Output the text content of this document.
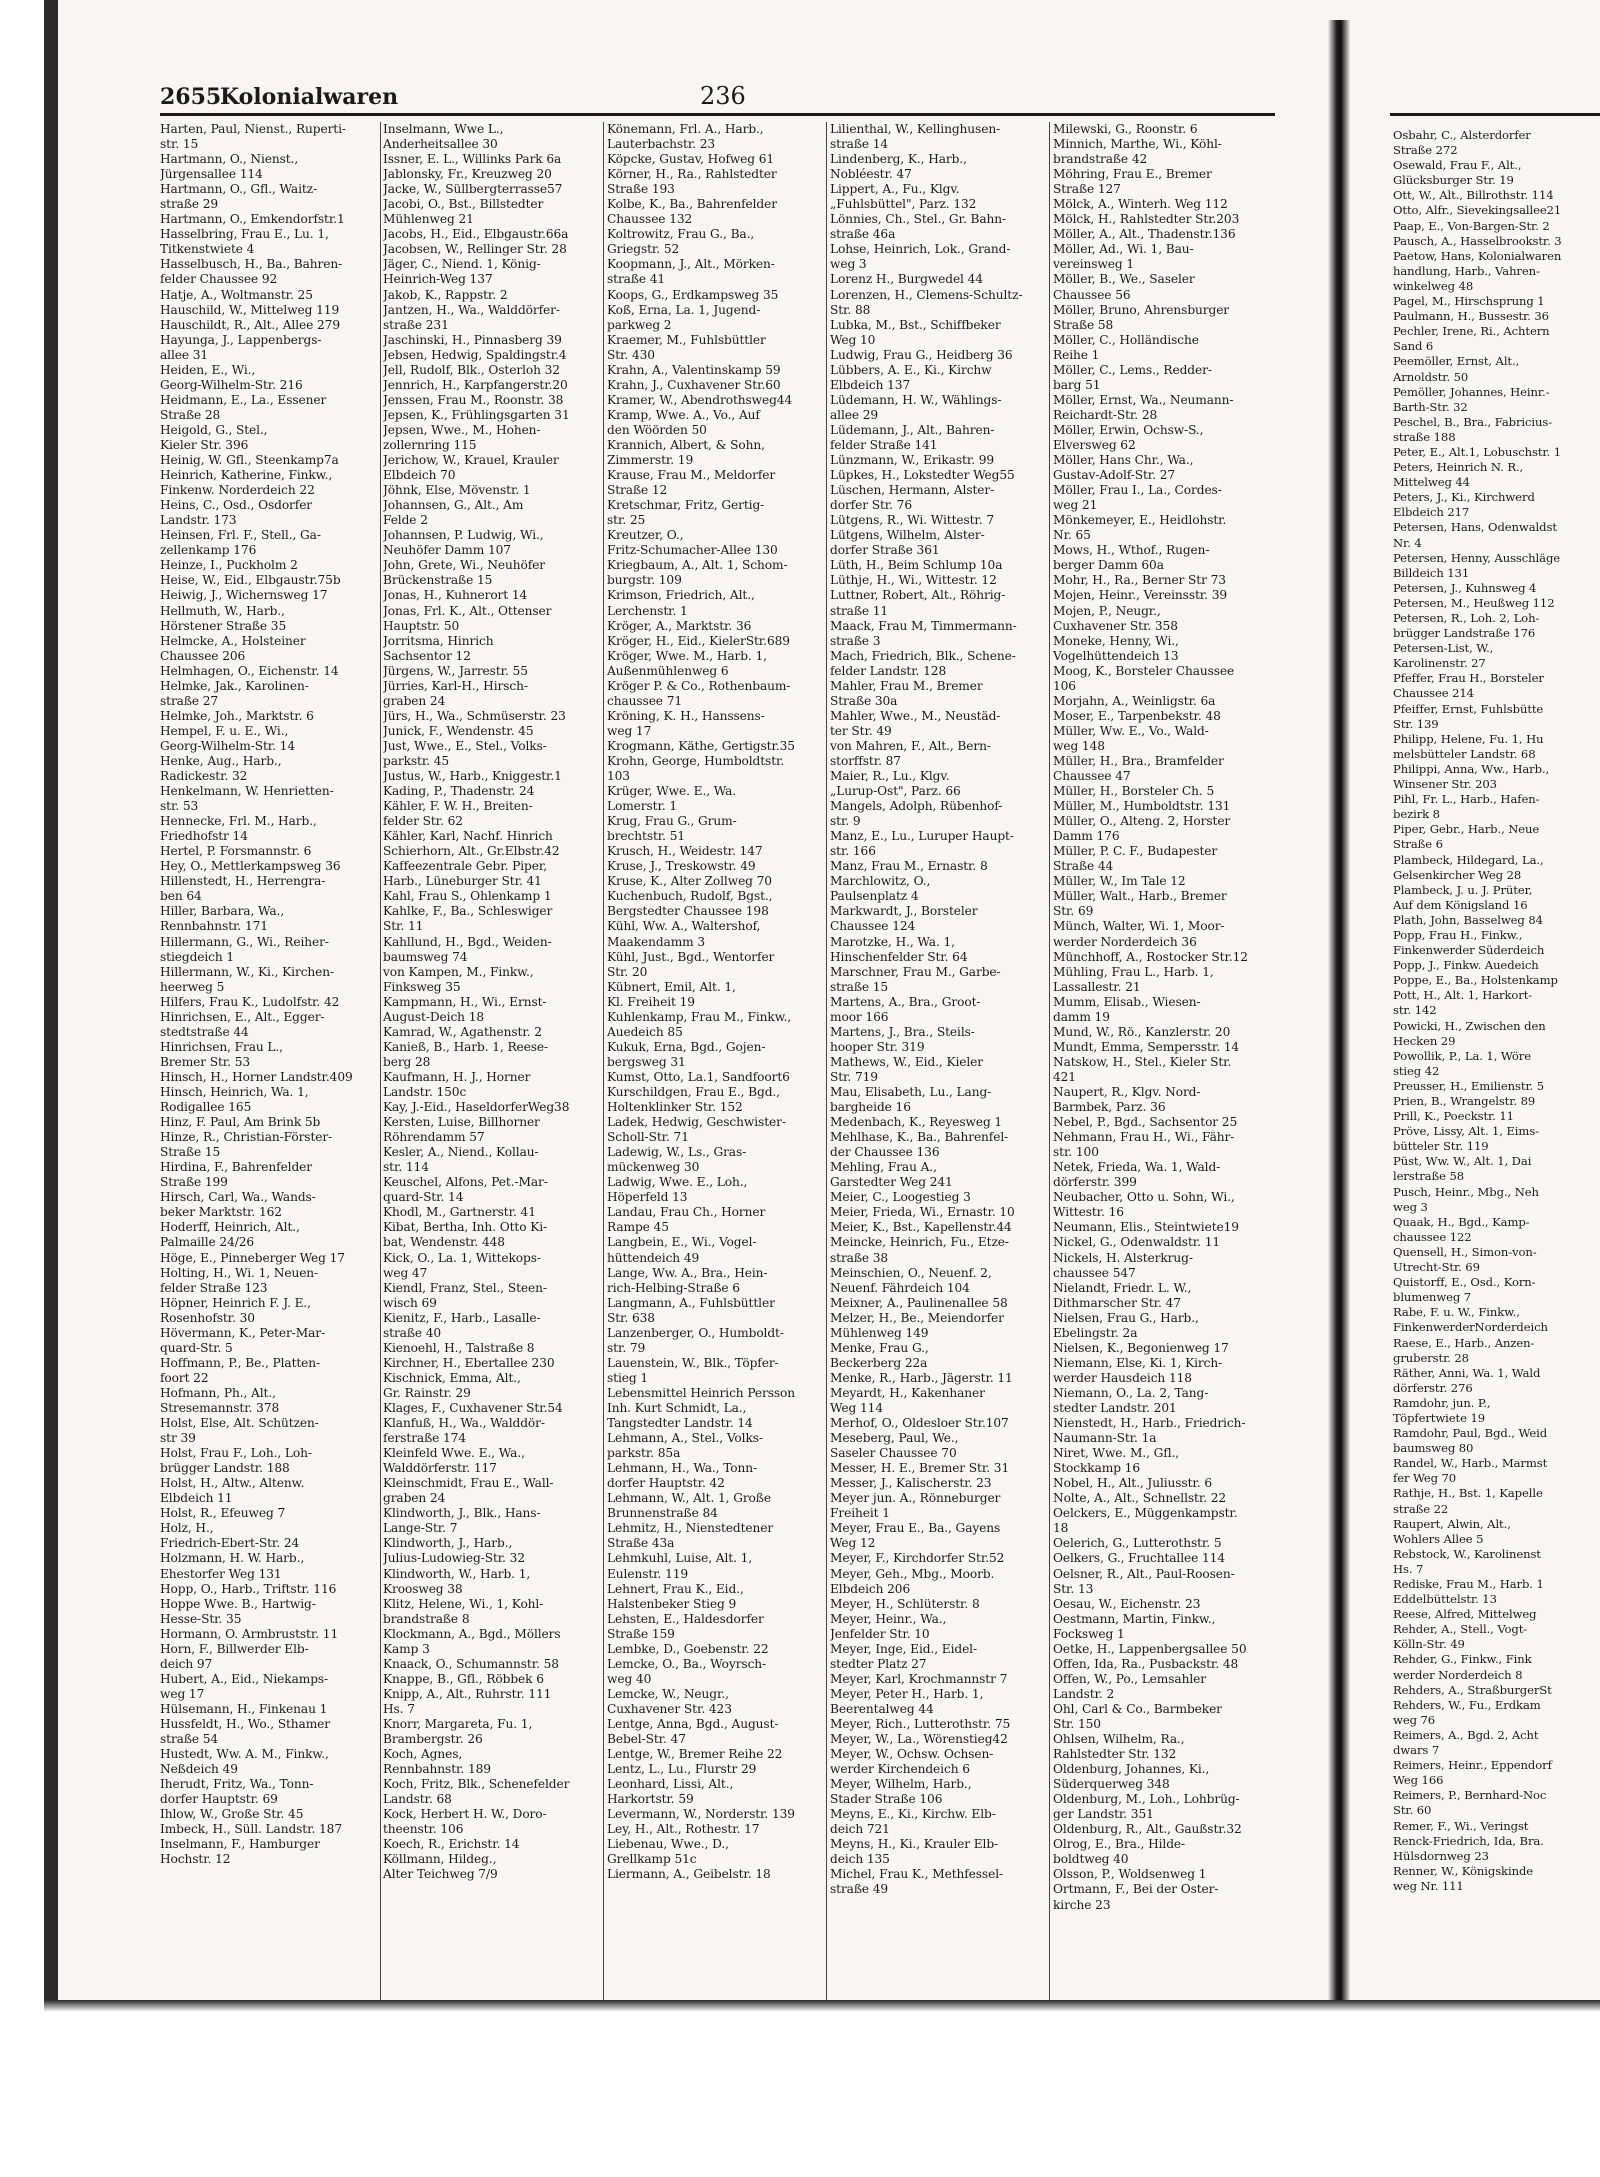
2655
Kolonialwaren	236
Harten, Paul, Nienst., Ruperti-
str. 15
Hartmann, O., Nienst.,
Jürgensallee 114
Hartmann, O., Gfl., Waitz-
straße 29
Hartmann, O., Emkendorfstr.1
Hasselbring, Frau E., Lu. 1,
Titkenstwiete 4
Hasselbusch, H., Ba., Bahren-
felder Chaussee 92
Hatje, A., Woltmanstr. 25
Hauschild, W., Mittelweg 119
Hauschildt, R., Alt., Allee 279
Hayunga, J., Lappenbergs-
allee 31
Heiden, E., Wi.,
Georg-Wilhelm-Str. 216
Heidmann, E., La., Essener
Straße 28
Heigold, G., Stel.,
Kieler Str. 396
Heinig, W. Gfl., Steenkamp7a
Heinrich, Katherine, Finkw.,
Finkenw. Norderdeich 22
Heins, C., Osd., Osdorfer
Landstr. 173
Heinsen, Frl. F., Stell., Ga-
zellenkamp 176
Heinze, I., Puckholm 2
Heise, W., Eid., Elbgaustr.75b
Heiwig, J., Wichernsweg 17
Hellmuth, W., Harb.,
Hörstener Straße 35
Helmcke, A., Holsteiner
Chaussee 206
Helmhagen, O., Eichenstr. 14
Helmke, Jak., Karolinen-
straße 27
Helmke, Joh., Marktstr. 6
Hempel, F. u. E., Wi.,
Georg-Wilhelm-Str. 14
Henke, Aug., Harb.,
Radickestr. 32
Henkelmann, W. Henrietten-
str. 53
Hennecke, Frl. M., Harb.,
Friedhofstr 14
Hertel, P. Forsmannstr. 6
Hey, O., Mettlerkampsweg 36
Hillenstedt, H., Herrengra-
ben 64
Hiller, Barbara, Wa.,
Rennbahnstr. 171
Hillermann, G., Wi., Reiher-
stiegdeich 1
Hillermann, W., Ki., Kirchen-
heerweg 5
Hilfers, Frau K., Ludolfstr. 42
Hinrichsen, E., Alt., Egger-
stedtstraße 44
Hinrichsen, Frau L.,
Bremer Str. 53
Hinsch, H., Horner Landstr.409
Hinsch, Heinrich, Wa. 1,
Rodigallee 165
Hinz, F. Paul, Am Brink 5b
Hinze, R., Christian-Förster-
Straße 15
Hirdina, F., Bahrenfelder
Straße 199
Hirsch, Carl, Wa., Wands-
beker Marktstr. 162
Hoderff, Heinrich, Alt.,
Palmaille 24/26
Höge, E., Pinneberger Weg 17
Holting, H., Wi. 1, Neuen-
felder Straße 123
Höpner, Heinrich F. J. E.,
Rosenhofstr. 30
Hövermann, K., Peter-Mar-
quard-Str. 5
Hoffmann, P., Be., Platten-
foort 22
Hofmann, Ph., Alt.,
Stresemannstr. 378
Holst, Else, Alt. Schützen-
str 39
Holst, Frau F., Loh., Loh-
brügger Landstr. 188
Holst, H., Altw., Altenw.
Elbdeich 11
Holst, R., Efeuweg 7
Holz, H.,
Friedrich-Ebert-Str. 24
Holzmann, H. W. Harb.,
Ehestorfer Weg 131
Hopp, O., Harb., Triftstr. 116
Hoppe Wwe. B., Hartwig-
Hesse-Str. 35
Hormann, O. Armbruststr. 11
Horn, F., Billwerder Elb-
deich 97
Hubert, A., Eid., Niekamps-
weg 17
Hülsemann, H., Finkenau 1
Hussfeldt, H., Wo., Sthamer
straße 54
Hustedt, Ww. A. M., Finkw.,
Neßdeich 49
Iherudt, Fritz, Wa., Tonn-
dorfer Hauptstr. 69
Ihlow, W., Große Str. 45
Imbeck, H., Süll. Landstr. 187
Inselmann, F., Hamburger
Hochstr. 12
Inselmann, Wwe L.,
Anderheitsallee 30
Issner, E. L., Willinks Park 6a
Jablonsky, Fr., Kreuzweg 20
Jacke, W., Süllbergterrasse57
Jacobi, O., Bst., Billstedter
Mühlenweg 21
Jacobs, H., Eid., Elbgaustr.66a
Jacobsen, W., Rellinger Str. 28
Jäger, C., Niend. 1, König-
Heinrich-Weg 137
Jakob, K., Rappstr. 2
Jantzen, H., Wa., Walddörfer-
straße 231
Jaschinski, H., Pinnasberg 39
Jebsen, Hedwig, Spaldingstr.4
Jell, Rudolf, Blk., Osterloh 32
Jennrich, H., Karpfangerstr.20
Jenssen, Frau M., Roonstr. 38
Jepsen, K., Frühlingsgarten 31
Jepsen, Wwe., M., Hohen-
zollernring 115
Jerichow, W., Krauel, Krauler
Elbdeich 70
Jöhnk, Else, Mövenstr. 1
Johannsen, G., Alt., Am
Felde 2
Johannsen, P. Ludwig, Wi.,
Neuhöfer Damm 107
John, Grete, Wi., Neuhöfer
Brückenstraße 15
Jonas, H., Kuhnerort 14
Jonas, Frl. K., Alt., Ottenser
Hauptstr. 50
Jorritsma, Hinrich
Sachsentor 12
Jürgens, W., Jarrestr. 55
Jürries, Karl-H., Hirsch-
graben 24
Jürs, H., Wa., Schmüserstr. 23
Junick, F., Wendenstr. 45
Just, Wwe., E., Stel., Volks-
parkstr. 45
Justus, W., Harb., Kniggestr.1
Kading, P., Thadenstr. 24
Kähler, F. W. H., Breiten-
felder Str. 62
Kähler, Karl, Nachf. Hinrich
Schierhorn, Alt., Gr.Elbstr.42
Kaffeezentrale Gebr. Piper,
Harb., Lüneburger Str. 41
Kahl, Frau S., Ohlenkamp 1
Kahlke, F., Ba., Schleswiger
Str. 11
Kahllund, H., Bgd., Weiden-
baumsweg 74
von Kampen, M., Finkw.,
Finksweg 35
Kampmann, H., Wi., Ernst-
August-Deich 18
Kamrad, W., Agathenstr. 2
Kanieß, B., Harb. 1, Reese-
berg 28
Kaufmann, H. J., Horner
Landstr. 150c
Kay, J.-Eid., HaseldorferWeg38
Kersten, Luise, Billhorner
Röhrendamm 57
Kesler, A., Niend., Kollau-
str. 114
Keuschel, Alfons, Pet.-Mar-
quard-Str. 14
Khodl, M., Gartnerstr. 41
Kibat, Bertha, Inh. Otto Ki-
bat, Wendenstr. 448
Kick, O., La. 1, Wittekops-
weg 47
Kiendl, Franz, Stel., Steen-
wisch 69
Kienitz, F., Harb., Lasalle-
straße 40
Kienoehl, H., Talstraße 8
Kirchner, H., Ebertallee 230
Kischnick, Emma, Alt.,
Gr. Rainstr. 29
Klages, F., Cuxhavener Str.54
Klanfuß, H., Wa., Walddör-
ferstraße 174
Kleinfeld Wwe. E., Wa.,
Walddörferstr. 117
Kleinschmidt, Frau E., Wall-
graben 24
Klindworth, J., Blk., Hans-
Lange-Str. 7
Klindworth, J., Harb.,
Julius-Ludowieg-Str. 32
Klindworth, W., Harb. 1,
Kroosweg 38
Klitz, Helene, Wi., 1, Kohl-
brandstraße 8
Klockmann, A., Bgd., Möllers
Kamp 3
Knaack, O., Schumannstr. 58
Knappe, B., Gfl., Röbbek 6
Knipp, A., Alt., Ruhrstr. 111
Hs. 7
Knorr, Margareta, Fu. 1,
Brambergstr. 26
Koch, Agnes,
Rennbahnstr. 189
Koch, Fritz, Blk., Schenefelder
Landstr. 68
Kock, Herbert H. W., Doro-
theenstr. 106
Koech, R., Erichstr. 14
Köllmann, Hildeg.,
Alter Teichweg 7/9
Könemann, Frl. A., Harb.,
Lauterbachstr. 23
Köpcke, Gustav, Hofweg 61
Körner, H., Ra., Rahlstedter
Straße 193
Kolbe, K., Ba., Bahrenfelder
Chaussee 132
Koltrowitz, Frau G., Ba.,
Griegstr. 52
Koopmann, J., Alt., Mörken-
straße 41
Koops, G., Erdkampsweg 35
Koß, Erna, La. 1, Jugend-
parkweg 2
Kraemer, M., Fuhlsbüttler
Str. 430
Krahn, A., Valentinskamp 59
Krahn, J., Cuxhavener Str.60
Kramer, W., Abendrothsweg44
Kramp, Wwe. A., Vo., Auf
den Wöörden 50
Krannich, Albert, & Sohn,
Zimmerstr. 19
Krause, Frau M., Meldorfer
Straße 12
Kretschmar, Fritz, Gertig-
str. 25
Kreutzer, O.,
Fritz-Schumacher-Allee 130
Kriegbaum, A., Alt. 1, Schom-
burgstr. 109
Krimson, Friedrich, Alt.,
Lerchenstr. 1
Kröger, A., Marktstr. 36
Kröger, H., Eid., KielerStr.689
Kröger, Wwe. M., Harb. 1,
Außenmühlenweg 6
Kröger P. & Co., Rothenbaum-
chaussee 71
Kröning, K. H., Hanssens-
weg 17
Krogmann, Käthe, Gertigstr.35
Krohn, George, Humboldtstr.
103
Krüger, Wwe. E., Wa.
Lomerstr. 1
Krug, Frau G., Grum-
brechtstr. 51
Krusch, H., Weidestr. 147
Kruse, J., Treskowstr. 49
Kruse, K., Alter Zollweg 70
Kuchenbuch, Rudolf, Bgst.,
Bergstedter Chaussee 198
Kühl, Ww. A., Waltershof,
Maakendamm 3
Kühl, Just., Bgd., Wentorfer
Str. 20
Kübnert, Emil, Alt. 1,
Kl. Freiheit 19
Kuhlenkamp, Frau M., Finkw.,
Auedeich 85
Kukuk, Erna, Bgd., Gojen-
bergsweg 31
Kumst, Otto, La.1, Sandfoort6
Kurschildgen, Frau E., Bgd.,
Holtenklinker Str. 152
Ladek, Hedwig, Geschwister-
Scholl-Str. 71
Ladewig, W., Ls., Gras-
mückenweg 30
Ladwig, Wwe. E., Loh.,
Höperfeld 13
Landau, Frau Ch., Horner
Rampe 45
Langbein, E., Wi., Vogel-
hüttendeich 49
Lange, Ww. A., Bra., Hein-
rich-Helbing-Straße 6
Langmann, A., Fuhlsbüttler
Str. 638
Lanzenberger, O., Humboldt-
str. 79
Lauenstein, W., Blk., Töpfer-
stieg 1
Lebensmittel Heinrich Persson
Inh. Kurt Schmidt, La.,
Tangstedter Landstr. 14
Lehmann, A., Stel., Volks-
parkstr. 85a
Lehmann, H., Wa., Tonn-
dorfer Hauptstr. 42
Lehmann, W., Alt. 1, Große
Brunnenstraße 84
Lehmitz, H., Nienstedtener
Straße 43a
Lehmkuhl, Luise, Alt. 1,
Eulenstr. 119
Lehnert, Frau K., Eid.,
Halstenbeker Stieg 9
Lehsten, E., Haldesdorfer
Straße 159
Lembke, D., Goebenstr. 22
Lemcke, O., Ba., Woyrsch-
weg 40
Lemcke, W., Neugr.,
Cuxhavener Str. 423
Lentge, Anna, Bgd., August-
Bebel-Str. 47
Lentge, W., Bremer Reihe 22
Lentz, L., Lu., Flurstr 29
Leonhard, Lissi, Alt.,
Harkortstr. 59
Levermann, W., Norderstr. 139
Ley, H., Alt., Rothestr. 17
Liebenau, Wwe., D.,
Grellkamp 51c
Liermann, A., Geibelstr. 18
Lilienthal, W., Kellinghusen-
straße 14
Lindenberg, K., Harb.,
Nobléestr. 47
Lippert, A., Fu., Klgv.
„Fuhlsbüttel", Parz. 132
Lönnies, Ch., Stel., Gr. Bahn-
straße 46a
Lohse, Heinrich, Lok., Grand-
weg 3
Lorenz H., Burgwedel 44
Lorenzen, H., Clemens-Schultz-
Str. 88
Lubka, M., Bst., Schiffbeker
Weg 10
Ludwig, Frau G., Heidberg 36
Lübbers, A. E., Ki., Kirchw
Elbdeich 137
Lüdemann, H. W., Wählings-
allee 29
Lüdemann, J., Alt., Bahren-
felder Straße 141
Lünzmann, W., Erikastr. 99
Lüpkes, H., Lokstedter Weg55
Lüschen, Hermann, Alster-
dorfer Str. 76
Lütgens, R., Wi. Wittestr. 7
Lütgens, Wilhelm, Alster-
dorfer Straße 361
Lüth, H., Beim Schlump 10a
Lüthje, H., Wi., Wittestr. 12
Luttner, Robert, Alt., Röhrig-
straße 11
Maack, Frau M, Timmermann-
straße 3
Mach, Friedrich, Blk., Schene-
felder Landstr. 128
Mahler, Frau M., Bremer
Straße 30a
Mahler, Wwe., M., Neustäd-
ter Str. 49
von Mahren, F., Alt., Bern-
storffstr. 87
Maier, R., Lu., Klgv.
„Lurup-Ost", Parz. 66
Mangels, Adolph, Rübenhof-
str. 9
Manz, E., Lu., Luruper Haupt-
str. 166
Manz, Frau M., Ernastr. 8
Marchlowitz, O.,
Paulsenplatz 4
Markwardt, J., Borsteler
Chaussee 124
Marotzke, H., Wa. 1,
Hinschenfelder Str. 64
Marschner, Frau M., Garbe-
straße 15
Martens, A., Bra., Groot-
moor 166
Martens, J., Bra., Steils-
hooper Str. 319
Mathews, W., Eid., Kieler
Str. 719
Mau, Elisabeth, Lu., Lang-
bargheide 16
Medenbach, K., Reyesweg 1
Mehlhase, K., Ba., Bahrenfel-
der Chaussee 136
Mehling, Frau A.,
Garstedter Weg 241
Meier, C., Loogestieg 3
Meier, Frieda, Wi., Ernastr. 10
Meier, K., Bst., Kapellenstr.44
Meincke, Heinrich, Fu., Etze-
straße 38
Meinschien, O., Neuenf. 2,
Neuenf. Fährdeich 104
Meixner, A., Paulinenallee 58
Melzer, H., Be., Meiendorfer
Mühlenweg 149
Menke, Frau G.,
Beckerberg 22a
Menke, R., Harb., Jägerstr. 11
Meyardt, H., Kakenhaner
Weg 114
Merhof, O., Oldesloer Str.107
Meseberg, Paul, We.,
Saseler Chaussee 70
Messer, H. E., Bremer Str. 31
Messer, J., Kalischerstr. 23
Meyer jun. A., Rönneburger
Freiheit 1
Meyer, Frau E., Ba., Gayens
Weg 12
Meyer, F., Kirchdorfer Str.52
Meyer, Geh., Mbg., Moorb.
Elbdeich 206
Meyer, H., Schlüterstr. 8
Meyer, Heinr., Wa.,
Jenfelder Str. 10
Meyer, Inge, Eid., Eidel-
stedter Platz 27
Meyer, Karl, Krochmannstr 7
Meyer, Peter H., Harb. 1,
Beerentalweg 44
Meyer, Rich., Lutterothstr. 75
Meyer, W., La., Wörenstieg42
Meyer, W., Ochsw. Ochsen-
werder Kirchendeich 6
Meyer, Wilhelm, Harb.,
Stader Straße 106
Meyns, E., Ki., Kirchw. Elb-
deich 721
Meyns, H., Ki., Krauler Elb-
deich 135
Michel, Frau K., Methfessel-
straße 49
Milewski, G., Roonstr. 6
Minnich, Marthe, Wi., Köhl-
brandstraße 42
Möhring, Frau E., Bremer
Straße 127
Mölck, A., Winterh. Weg 112
Mölck, H., Rahlstedter Str.203
Möller, A., Alt., Thadenstr.136
Möller, Ad., Wi. 1, Bau-
vereinsweg 1
Möller, B., We., Saseler
Chaussee 56
Möller, Bruno, Ahrensburger
Straße 58
Möller, C., Holländische
Reihe 1
Möller, C., Lems., Redder-
barg 51
Möller, Ernst, Wa., Neumann-
Reichardt-Str. 28
Möller, Erwin, Ochsw-S.,
Elversweg 62
Möller, Hans Chr., Wa.,
Gustav-Adolf-Str. 27
Möller, Frau I., La., Cordes-
weg 21
Mönkemeyer, E., Heidlohstr.
Nr. 65
Mows, H., Wthof., Rugen-
berger Damm 60a
Mohr, H., Ra., Berner Str 73
Mojen, Heinr., Vereinsstr. 39
Mojen, P., Neugr.,
Cuxhavener Str. 358
Moneke, Henny, Wi.,
Vogelhüttendeich 13
Moog, K., Borsteler Chaussee
106
Morjahn, A., Weinligstr. 6a
Moser, E., Tarpenbekstr. 48
Müller, Ww. E., Vo., Wald-
weg 148
Müller, H., Bra., Bramfelder
Chaussee 47
Müller, H., Borsteler Ch. 5
Müller, M., Humboldtstr. 131
Müller, O., Alteng. 2, Horster
Damm 176
Müller, P. C. F., Budapester
Straße 44
Müller, W., Im Tale 12
Müller, Walt., Harb., Bremer
Str. 69
Münch, Walter, Wi. 1, Moor-
werder Norderdeich 36
Münchhoff, A., Rostocker Str.12
Mühling, Frau L., Harb. 1,
Lassallestr. 21
Mumm, Elisab., Wiesen-
damm 19
Mund, W., Rö., Kanzlerstr. 20
Mundt, Emma, Sempersstr. 14
Natskow, H., Stel., Kieler Str.
421
Naupert, R., Klgv. Nord-
Barmbek, Parz. 36
Nebel, P., Bgd., Sachsentor 25
Nehmann, Frau H., Wi., Fähr-
str. 100
Netek, Frieda, Wa. 1, Wald-
dörferstr. 399
Neubacher, Otto u. Sohn, Wi.,
Wittestr. 16
Neumann, Elis., Steintwiete19
Nickel, G., Odenwaldstr. 11
Nickels, H. Alsterkrug-
chaussee 547
Nielandt, Friedr. L. W.,
Dithmarscher Str. 47
Nielsen, Frau G., Harb.,
Ebelingstr. 2a
Nielsen, K., Begonienweg 17
Niemann, Else, Ki. 1, Kirch-
werder Hausdeich 118
Niemann, O., La. 2, Tang-
stedter Landstr. 201
Nienstedt, H., Harb., Friedrich-
Naumann-Str. 1a
Niret, Wwe. M., Gfl.,
Stockkamp 16
Nobel, H., Alt., Juliusstr. 6
Nolte, A., Alt., Schnellstr. 22
Oelckers, E., Müggenkampstr.
18
Oelerich, G., Lutterothstr. 5
Oelkers, G., Fruchtallee 114
Oelsner, R., Alt., Paul-Roosen-
Str. 13
Oesau, W., Eichenstr. 23
Oestmann, Martin, Finkw.,
Focksweg 1
Oetke, H., Lappenbergsallee 50
Offen, Ida, Ra., Pusbackstr. 48
Offen, W., Po., Lemsahler
Landstr. 2
Ohl, Carl & Co., Barmbeker
Str. 150
Ohlsen, Wilhelm, Ra.,
Rahlstedter Str. 132
Oldenburg, Johannes, Ki.,
Süderquerweg 348
Oldenburg, M., Loh., Lohbrüg-
ger Landstr. 351
Oldenburg, R., Alt., Gaußstr.32
Olrog, E., Bra., Hilde-
boldtweg 40
Olsson, P., Woldsenweg 1
Ortmann, F., Bei der Oster-
kirche 23
Osbahr, C., Alsterdorfer
Straße 272
Osewald, Frau F., Alt.,
Glücksburger Str. 19
Ott, W., Alt., Billrothstr. 114
Otto, Alfr., Sievekingsallee21
Paap, E., Von-Bargen-Str. 2
Pausch, A., Hasselbrookstr. 3
Paetow, Hans, Kolonialwaren
handlung, Harb., Vahren-
winkelweg 48
Pagel, M., Hirschsprung 1
Paulmann, H., Bussestr. 36
Pechler, Irene, Ri., Achtern
Sand 6
Peemöller, Ernst, Alt.,
Arnoldstr. 50
Pemöller, Johannes, Heinr.-
Barth-Str. 32
Peschel, B., Bra., Fabricius-
straße 188
Peter, E., Alt.1, Lobuschstr. 1
Peters, Heinrich N. R.,
Mittelweg 44
Peters, J., Ki., Kirchwerd
Elbdeich 217
Petersen, Hans, Odenwaldst
Nr. 4
Petersen, Henny, Ausschläge
Billdeich 131
Petersen, J., Kuhnsweg 4
Petersen, M., Heußweg 112
Petersen, R., Loh. 2, Loh-
brügger Landstraße 176
Petersen-List, W.,
Karolinenstr. 27
Pfeffer, Frau H., Borsteler
Chaussee 214
Pfeiffer, Ernst, Fuhlsbütte
Str. 139
Philipp, Helene, Fu. 1, Hu
melsbütteler Landstr. 68
Philippi, Anna, Ww., Harb.,
Winsener Str. 203
Pihl, Fr. L., Harb., Hafen-
bezirk 8
Piper, Gebr., Harb., Neue
Straße 6
Plambeck, Hildegard, La.,
Gelsenkircher Weg 28
Plambeck, J. u. J. Prüter,
Auf dem Königsland 16
Plath, John, Basselweg 84
Popp, Frau H., Finkw.,
Finkenwerder Süderdeich
Popp, J., Finkw. Auedeich
Poppe, E., Ba., Holstenkamp
Pott, H., Alt. 1, Harkort-
str. 142
Powicki, H., Zwischen den
Hecken 29
Powollik, P., La. 1, Wöre
stieg 42
Preusser, H., Emilienstr. 5
Prien, B., Wrangelstr. 89
Prill, K., Poeckstr. 11
Pröve, Lissy, Alt. 1, Eims-
bütteler Str. 119
Püst, Ww. W., Alt. 1, Dai
lerstraße 58
Pusch, Heinr., Mbg., Neh
weg 3
Quaak, H., Bgd., Kamp-
chaussee 122
Quensell, H., Simon-von-
Utrecht-Str. 69
Quistorff, E., Osd., Korn-
blumenweg 7
Rabe, F. u. W., Finkw.,
FinkenwerderNorderdeich
Raese, E., Harb., Anzen-
gruberstr. 28
Räther, Anni, Wa. 1, Wald
dörferstr. 276
Ramdohr, jun. P.,
Töpfertwiete 19
Ramdohr, Paul, Bgd., Weid
baumsweg 80
Randel, W., Harb., Marmst
fer Weg 70
Rathje, H., Bst. 1, Kapelle
straße 22
Raupert, Alwin, Alt.,
Wohlers Allee 5
Rebstock, W., Karolinenst
Hs. 7
Rediske, Frau M., Harb. 1
Eddelbüttelstr. 13
Reese, Alfred, Mittelweg
Rehder, A., Stell., Vogt-
Kölln-Str. 49
Rehder, G., Finkw., Fink
werder Norderdeich 8
Rehders, A., StraßburgerSt
Rehders, W., Fu., Erdkam
weg 76
Reimers, A., Bgd. 2, Acht
dwars 7
Reimers, Heinr., Eppendorf
Weg 166
Reimers, P., Bernhard-Noc
Str. 60
Remer, F., Wi., Veringst
Renck-Friedrich, Ida, Bra.
Hülsdornweg 23
Renner, W., Königskinde
weg Nr. 111
